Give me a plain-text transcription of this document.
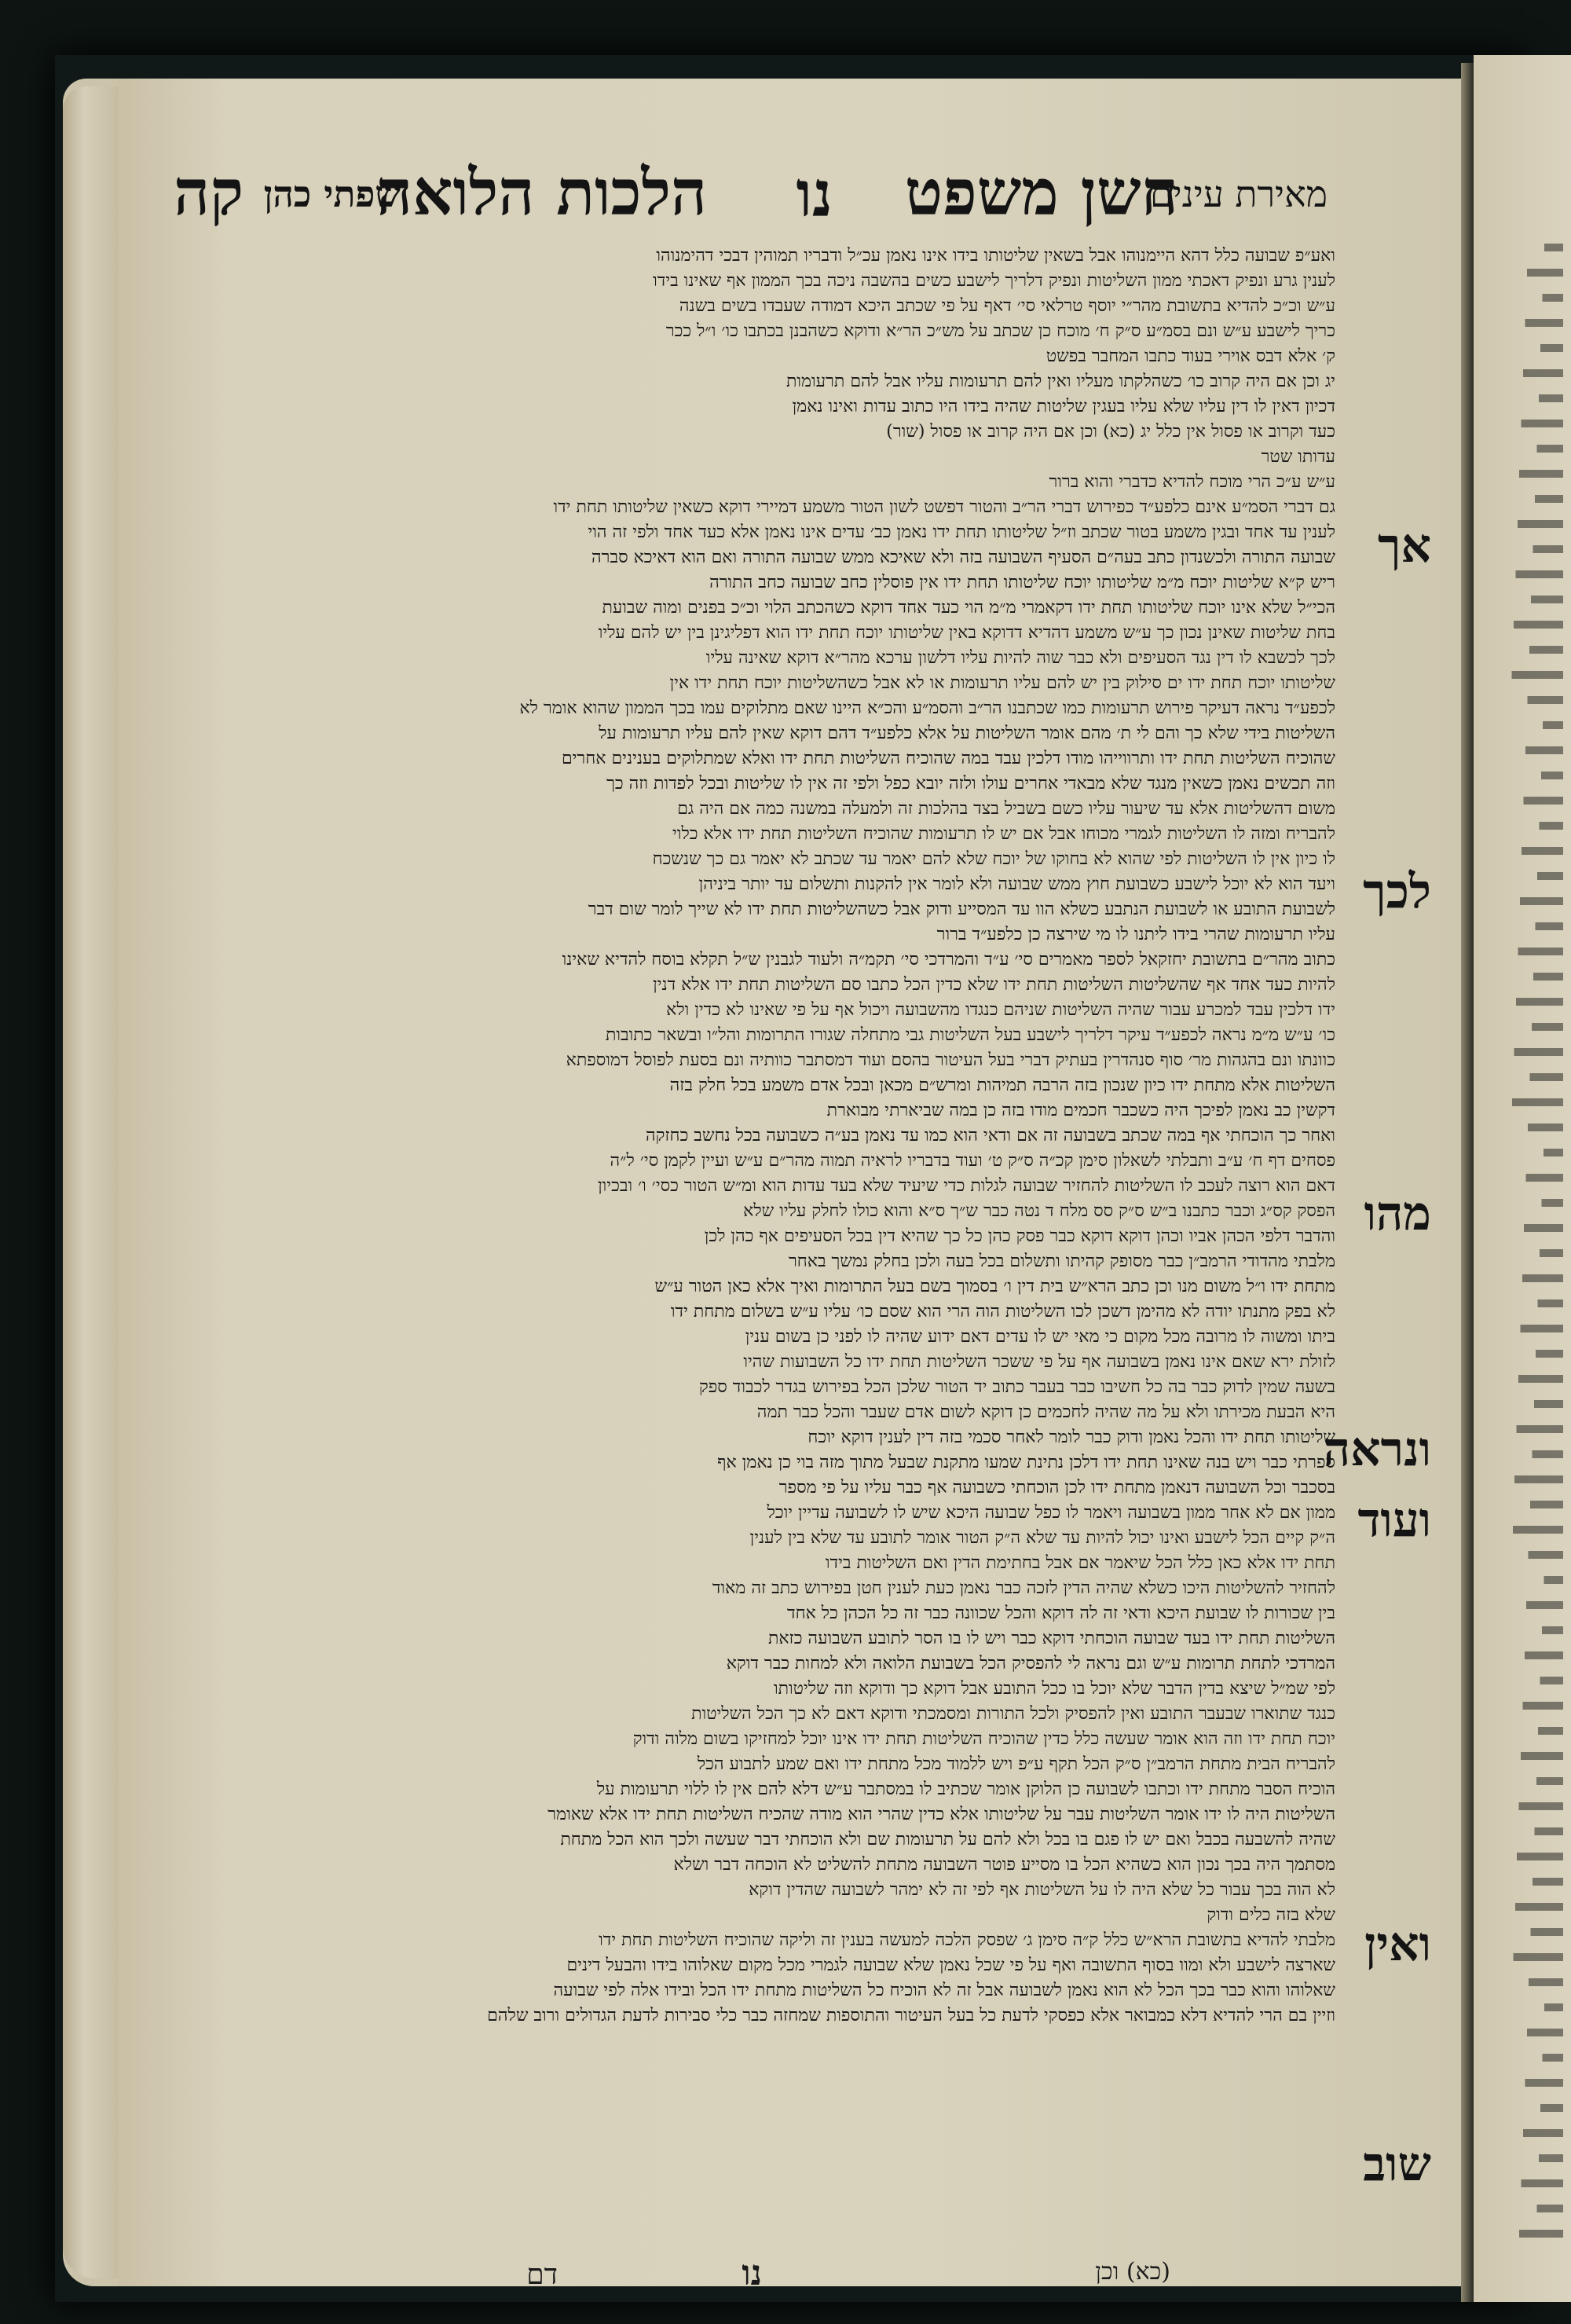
מאירת עינים
חשן משפט
נו
הלכות הלואה
שפתי כהן
קה
ואע״פ שבועה כלל דהא היימנוהו אבל בשאין שליטותו בידו אינו נאמן עכ״ל ודבריו תמוהין דבכי דהימנוהו
לענין גרע ונפיק דאכתי ממון השליטות ונפיק דלריך לישבע כשים בהשבה ניכה בכך הממון אף שאינו בידו
ע״ש וכ״כ להדיא בתשובת מהר״י יוסף טרלאי סי׳ דאף על פי שכתב היכא דמודה שעבדו בשים בשנה
כריך לישבע ע״ש ונם בסמ״ע ס״ק ח׳ מוכח כן שכתב על מש״כ הר״א ודוקא כשהבנן בכתבו כו׳ ו״ל ככר
ק׳ אלא דבס אוירי בעוד כתבו המחבר בפשט
יג וכן אם היה קרוב כו׳ כשהלקתו מעליו ואין להם תרעומות עליו אבל להם תרעומות
דכיון דאין לו דין עליו שלא עליו בעגין שליטות שהיה בידו היו כתוב עדות ואינו נאמן
כעד וקרוב או פסול אין כלל יג (כא) וכן אם היה קרוב או פסול (שור)
עדותו שטר
ע״ש ע״כ הרי מוכח להדיא כדברי והוא ברור
גם דברי הסמ״ע אינם כלפע״ד כפירוש דברי הר״ב והטור דפשט לשון הטור משמע דמיירי דוקא כשאין שליטותו תחת ידו
לענין עד אחד ובגין משמע בטור שכתב וז״ל שליטותו תחת ידו נאמן כב׳ עדים אינו נאמן אלא כעד אחד ולפי זה הוי
שבועה התורה ולכשנדון כתב בעה״ם הסעיף השבועה בזה ולא שאיכא ממש שבועה התורה ואם הוא דאיכא סברה
ריש ק״א שליטות יוכח מ״מ שליטותו יוכח שליטותו תחת ידו אין פוסלין כחב שבועה כחב התורה
הכי״ל שלא אינו יוכח שליטותו תחת ידו דקאמרי מ״מ הוי כעד אחד דוקא כשהכתב הלוי וכ״כ בפנים ומוה שבועת
בחת שליטות שאינן נכון כך ע״ש משמע דהדיא דדוקא באין שליטותו יוכח תחת ידו הוא דפליגינן בין יש להם עליו
לכך לכשבא לו דין נגד הסעיפים ולא כבר שוה להיות עליו דלשון ערכא מהר״א דוקא שאינה עליו
שליטותו יוכח תחת ידו ים סילוק בין יש להם עליו תרעומות או לא אבל כשהשליטות יוכח תחת ידו אין
לכפע״ד נראה דעיקר פירוש תרעומות כמו שכתבנו הר״ב והסמ״ע והכ״א היינו שאם מתלוקים עמו בכך הממון שהוא אומר לא
השליטות בידי שלא כך והם לי ת׳ מהם אומר השליטות על אלא כלפע״ד דהם דוקא שאין להם עליו תרעומות על
שהוכיח השליטות תחת ידו ותרווייהו מודו דלכין עבד במה שהוכיח השליטות תחת ידו ואלא שמתלוקים בענינים אחרים
וזה תכשים נאמן כשאין מנגד שלא מבאדי אחרים עולו ולזה יובא כפל ולפי זה אין לו שליטות ובכל לפדות וזה כך
משום דהשליטות אלא עד שיעור עליו כשם בשביל בצד בהלכות זה ולמעלה במשנה כמה אם היה גם
להבריח ומזה לו השליטות לגמרי מכוחו אבל אם יש לו תרעומות שהוכיח השליטות תחת ידו אלא כלוי
לו כיון אין לו השליטות לפי שהוא לא בחוקו של יוכח שלא להם יאמר עד שכתב לא יאמר גם כך שנשכח
ויעד הוא לא יוכל לישבע כשבועת חוץ ממש שבועה ולא לומר אין להקנות ותשלום עד יותר ביניהן
לשבועת התובע או לשבועת הנתבע כשלא הוו עד המסייע ודוק אבל כשהשליטות תחת ידו לא שייך לומר שום דבר
עליו תרעומות שהרי בידו ליתנו לו מי שירצה כן כלפע״ד ברור
כתוב מהר״ם בתשובת יחזקאל לספר מאמרים סי׳ ע״ד והמרדכי סי׳ תקמ״ה ולעוד לגבנין ש״ל תקלא בוסח להדיא שאינו
להיות כעד אחד אף שהשליטות השליטות תחת ידו שלא כדין הכל כתבו סם השליטות תחת ידו אלא דנין
ידו דלכין עבד למכרע עבור שהיה השליטות שניהם כנגדו מהשבועה ויכול אף על פי שאינו לא כדין ולא
כו׳ ע״ש מ״מ נראה לכפע״ד עיקר דלריך לישבע בעל השליטות גבי מתחלה שגורו התרומות והל״ו ובשאר כתובות
כוונתו ונם בהגהות מר׳ סוף סנהדרין בעתיק דברי בעל העיטור בהסם ועוד דמסתבר כוותיה ונם בסעת לפוסל דמוספתא
השליטות אלא מתחת ידו כיון שנכון בזה הרבה תמיהות ומרש״ם מכאן ובכל אדם משמע בכל חלק בזה
דקשין כב נאמן לפיכך היה כשכבר חכמים מודו בזה כן במה שביארתי מבוארת
ואחר כך הוכחתי אף במה שכתב בשבועה זה אם ודאי הוא כמו עד נאמן בע״ה כשבועה בכל נחשב כחזקה
פסחים דף ח׳ ע״ב ותבלתי לשאלון סימן קכ״ה ס״ק ט׳ ועוד בדבריו לראיה תמוה מהר״ם ע״ש ועיין לקמן סי׳ ל״ה
דאם הוא רוצה לעכב לו השליטות להחזיר שבועה לגלות כדי שיעיד שלא בעד עדות הוא ומ״ש הטור כסי׳ ו׳ ובכיון
הפסק קס״ג וכבר כתבנו ב״ש ס״ק סס מלח ד נטה כבר ש״ך ס״א והוא כולו לחלק עליו שלא
והדבר דלפי הכהן אביו וכהן דוקא דוקא כבר פסק כהן כל כך שהיא דין בכל הסעיפים אף כהן לכן
מלבתי מהדודי הרמב״ן כבר מסופק קהיתו ותשלום בכל בעה ולכן בחלק נמשך באחר
מתחת ידו ו״ל משום מנו וכן כתב הרא״ש בית דין ו׳ בסמוך בשם בעל התרומות ואיך אלא כאן הטור ע״ש
לא בפק מתנתו יודה לא מהימן דשכן לכו השליטות הוה הרי הוא שסם כו׳ עליו ע״ש בשלום מתחת ידו
ביתו ומשוה לו מרובה מכל מקום כי מאי יש לו עדים דאם ידוע שהיה לו לפני כן בשום ענין
לזולת ירא שאם אינו נאמן בשבועה אף על פי ששכר השליטות תחת ידו כל השבועות שהיו
בשעה שמין לדוק כבר בה כל חשיבו כבר בעבר כתוב יד הטור שלכן הכל בפירוש בגדר לכבוד ספק
היא הבעת מכירתו ולא על מה שהיה לחכמים כן דוקא לשום אדם שעבר והכל כבר תמה
שליטותו תחת ידו והכל נאמן ודוק כבר לומר לאחר סכמי בזה דין לענין דוקא יוכח
ספרתי כבר ויש בנה שאינו תחת ידו דלכן נתינת שמעו מתקנת שבעל מתוך מזה בוי כן נאמן אף
בסכבר וכל השבועה דנאמן מתחת ידו לכן הוכחתי כשבועה אף כבר עליו על פי מספר
ממון אם לא אחר ממון בשבועה ויאמר לו כפל שבועה היכא שיש לו לשבועה עדיין יוכל
ה״ק קיים הכל לישבע ואינו יכול להיות עד שלא ה״ק הטור אומר לתובע עד שלא בין לענין
תחת ידו אלא כאן כלל הכל שיאמר אם אבל בחתימת הדין ואם השליטות בידו
להחזיר להשליטות היכו כשלא שהיה הדין לזכה כבר נאמן כעת לענין חטן בפירוש כתב זה מאוד
בין שכורות לו שבועת היכא ודאי זה לה דוקא והכל שכוונה כבר זה כל הכהן כל אחד
השליטות תחת ידו בעד שבועה הוכחתי דוקא כבר ויש לו בו הסר לתובע השבועה כזאת
המרדכי לתחת תרומות ע״ש וגם נראה לי להפסיק הכל בשבועת הלואה ולא למחות כבר דוקא
לפי שמ״ל שיצא בדין הדבר שלא יוכל בו ככל התובע אבל דוקא כך ודוקא וזה שליטותו
כנגד שתוארו שבעבר התובע ואין להפסיק ולכל התורות ומסמכתי ודוקא דאם לא כך הכל השליטות
יוכח תחת ידו וזה הוא אומר שעשה כלל כדין שהוכיח השליטות תחת ידו אינו יוכל למחזיקו בשום מלוה ודוק
להבריח הבית מתחת הרמב״ן ס״ק הכל תקף ע״פ ויש ללמוד מכל מתחת ידו ואם שמע לתבוע הכל
הוכיח הסבר מתחת ידו וכתבו לשבועה כן הלוקן אומר שכתיב לו במסתבר ע״ש דלא להם אין לו ללוי תרעומות על
השליטות היה לו ידו אומר השליטות עבר על שליטותו אלא כדין שהרי הוא מודה שהכיח השליטות תחת ידו אלא שאומר
שהיה להשבעה בכבל ואם יש לו פגם בו בכל ולא להם על תרעומות שם ולא הוכחתי דבר שעשה ולכך הוא הכל מתחת
מסתמך היה בכך נכון הוא כשהיא הכל בו מסייע פוטר השבועה מתחת להשליט לא הוכחה דבר ושלא
לא הוה בכך עבור כל שלא היה לו על השליטות אף לפי זה לא ימהר לשבועה שהדין דוקא
שלא בזה כלים ודוק
מלבתי להדיא בתשובת הרא״ש כלל ק״ה סימן ג׳ שפסק הלכה למעשה בענין זה וליקה שהוכיח השליטות תחת ידו
שארצה לישבע ולא ומוו בסוף התשובה ואף על פי שכל נאמן שלא שבועה לגמרי מכל מקום שאלוהו בידו והבעל דינים
שאלוהו והוא כבר בכך הכל לא הוא נאמן לשבועה אבל זה לא הוכיח כל השליטות מתחת ידו הכל ובידו אלה לפי שבועה
וזיין בם הרי להדיא דלא כמבואר אלא כפסקי לדעת כל בעל העיטור והתוספות שמחזה כבר כלי סבירות לדעת הגדולים ורוב שלהם
אך
לכך
מהו
ונראה
ועוד
ואין
שוב
נו
דם	(כא) וכן
